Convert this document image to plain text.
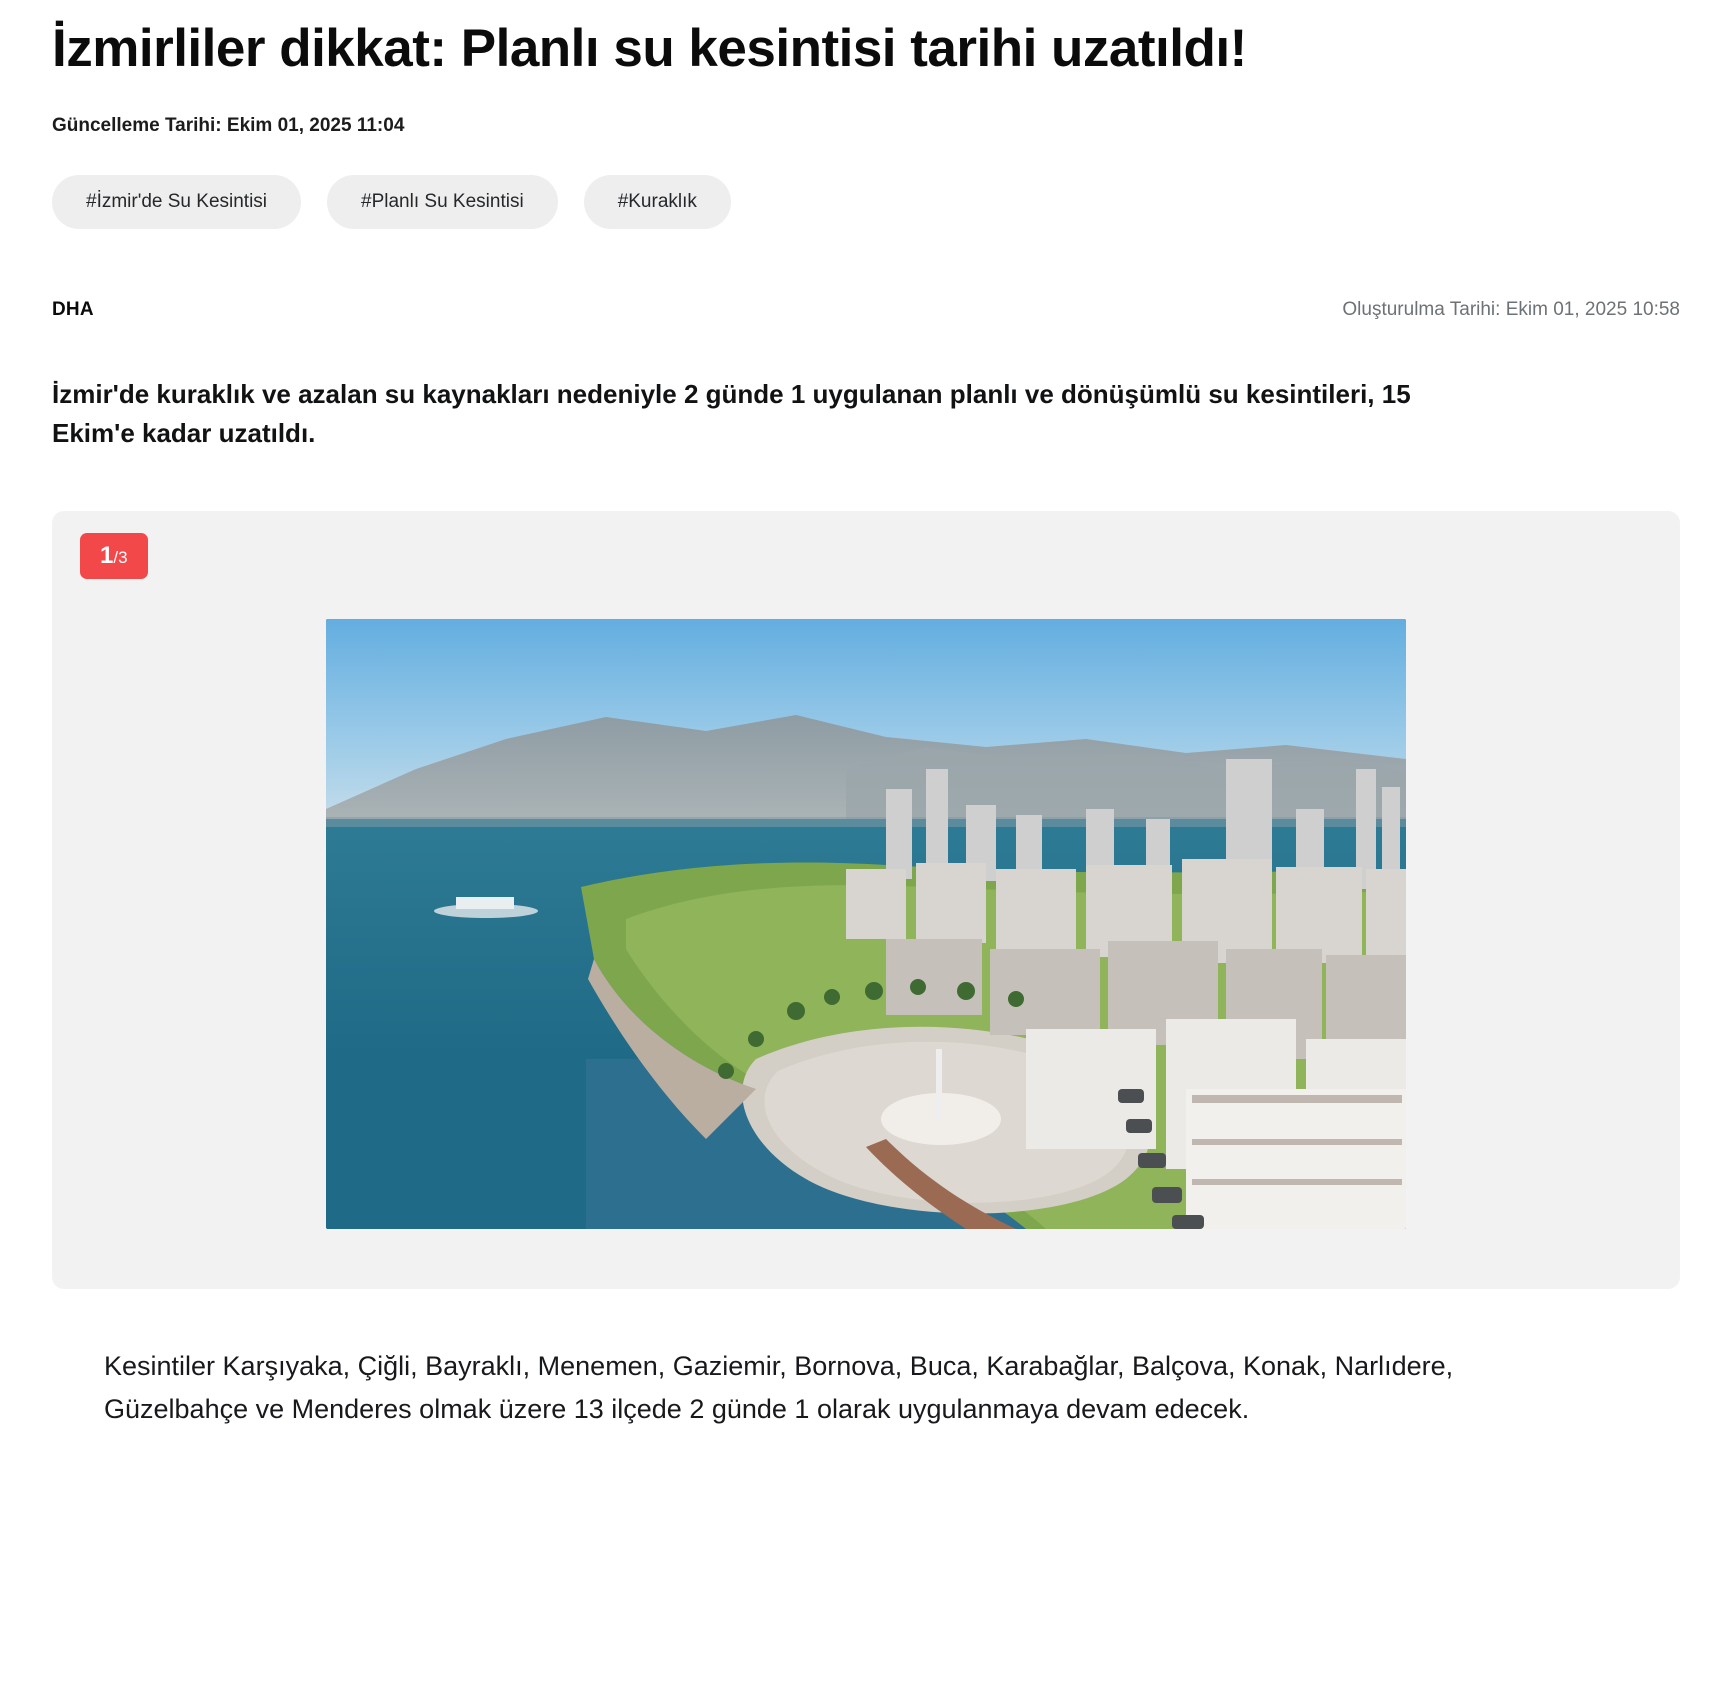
İzmirliler dikkat: Planlı su kesintisi tarihi uzatıldı!
Güncelleme Tarihi: Ekim 01, 2025 11:04
#İzmir'de Su Kesintisi	#Planlı Su Kesintisi	#Kuraklık
DHA	Oluşturulma Tarihi: Ekim 01, 2025 10:58

İzmir'de kuraklık ve azalan su kaynakları nedeniyle 2 günde 1 uygulanan planlı ve dönüşümlü su kesintileri, 15 Ekim'e kadar uzatıldı.

1/3

Kesintiler Karşıyaka, Çiğli, Bayraklı, Menemen, Gaziemir, Bornova, Buca, Karabağlar, Balçova, Konak, Narlıdere, Güzelbahçe ve Menderes olmak üzere 13 ilçede 2 günde 1 olarak uygulanmaya devam edecek.
